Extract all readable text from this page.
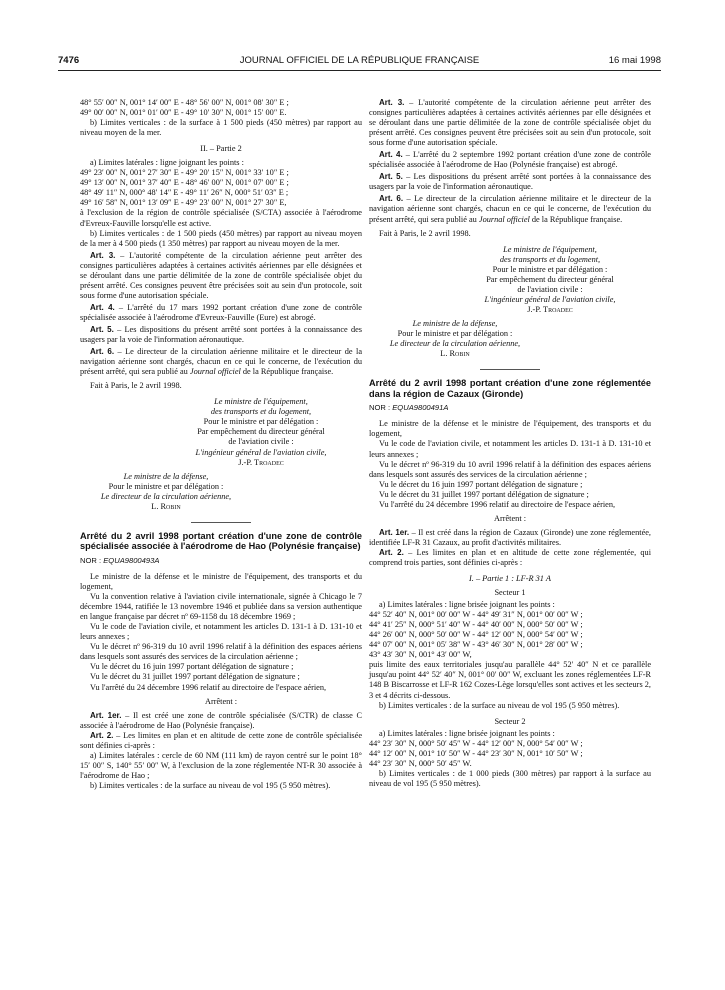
7476	JOURNAL OFFICIEL DE LA RÉPUBLIQUE FRANÇAISE	16 mai 1998

48° 55′ 00″ N, 001° 14′ 00″ E - 48° 56′ 00″ N, 001° 08′ 30″ E ;

49° 00′ 00″ N, 001° 01′ 00″ E - 49° 10′ 30″ N, 001° 15′ 00″ E.

b) Limites verticales : de la surface à 1 500 pieds (450 mètres) par rapport au niveau moyen de la mer.

II. – Partie 2

a) Limites latérales : ligne joignant les points :

49° 23′ 00″ N, 001° 27′ 30″ E - 49° 20′ 15″ N, 001° 33′ 10″ E ;

49° 13′ 00″ N, 001° 37′ 40″ E - 48° 46′ 00″ N, 001° 07′ 00″ E ;

48° 49′ 11″ N, 000° 48′ 14″ E - 49° 11′ 26″ N, 000° 51′ 03″ E ;

49° 16′ 58″ N, 001° 13′ 09″ E - 49° 23′ 00″ N, 001° 27′ 30″ E,

à l'exclusion de la région de contrôle spécialisée (S/CTA) associée à l'aérodrome d'Evreux-Fauville lorsqu'elle est active.

b) Limites verticales : de 1 500 pieds (450 mètres) par rapport au niveau moyen de la mer à 4 500 pieds (1 350 mètres) par rapport au niveau moyen de la mer.

Art. 3. – L'autorité compétente de la circulation aérienne peut arrêter des consignes particulières adaptées à certaines activités aériennes par elle désignées et se déroulant dans une partie délimitée de la zone de contrôle spécialisée objet du présent arrêté. Ces consignes peuvent être précisées soit au sein d'un protocole, soit sous forme d'une autorisation spéciale.

Art. 4. – L'arrêté du 17 mars 1992 portant création d'une zone de contrôle spécialisée associée à l'aérodrome d'Evreux-Fauville (Eure) est abrogé.

Art. 5. – Les dispositions du présent arrêté sont portées à la connaissance des usagers par la voie de l'information aéronautique.

Art. 6. – Le directeur de la circulation aérienne militaire et le directeur de la navigation aérienne sont chargés, chacun en ce qui le concerne, de l'exécution du présent arrêté, qui sera publié au Journal officiel de la République française.

Fait à Paris, le 2 avril 1998.

Le ministre de l'équipement,

des transports et du logement,

Pour le ministre et par délégation :

Par empêchement du directeur général

de l'aviation civile :

L'ingénieur général de l'aviation civile,

J.-P. Troadec

Le ministre de la défense,

Pour le ministre et par délégation :

Le directeur de la circulation aérienne,

L. Robin

Arrêté du 2 avril 1998 portant création d'une zone de contrôle spécialisée associée à l'aérodrome de Hao (Polynésie française)

NOR : EQUA9800493A

Le ministre de la défense et le ministre de l'équipement, des transports et du logement,

Vu la convention relative à l'aviation civile internationale, signée à Chicago le 7 décembre 1944, ratifiée le 13 novembre 1946 et publiée dans sa version authentique en langue française par décret nº 69-1158 du 18 décembre 1969 ;

Vu le code de l'aviation civile, et notamment les articles D. 131-1 à D. 131-10 et leurs annexes ;

Vu le décret nº 96-319 du 10 avril 1996 relatif à la définition des espaces aériens dans lesquels sont assurés des services de la circulation aérienne ;

Vu le décret du 16 juin 1997 portant délégation de signature ;

Vu le décret du 31 juillet 1997 portant délégation de signature ;

Vu l'arrêté du 24 décembre 1996 relatif au directoire de l'espace aérien,

Arrêtent :

Art. 1er. – Il est créé une zone de contrôle spécialisée (S/CTR) de classe C associée à l'aérodrome de Hao (Polynésie française).

Art. 2. – Les limites en plan et en altitude de cette zone de contrôle spécialisée sont définies ci-après :

a) Limites latérales : cercle de 60 NM (111 km) de rayon centré sur le point 18° 15′ 00″ S, 140° 55′ 00″ W, à l'exclusion de la zone réglementée NT-R 30 associée à l'aérodrome de Hao ;

b) Limites verticales : de la surface au niveau de vol 195 (5 950 mètres).

Art. 3. – L'autorité compétente de la circulation aérienne peut arrêter des consignes particulières adaptées à certaines activités aériennes par elle désignées et se déroulant dans une partie délimitée de la zone de contrôle spécialisée objet du présent arrêté. Ces consignes peuvent être précisées soit au sein d'un protocole, soit sous forme d'une autorisation spéciale.

Art. 4. – L'arrêté du 2 septembre 1992 portant création d'une zone de contrôle spécialisée associée à l'aérodrome de Hao (Polynésie française) est abrogé.

Art. 5. – Les dispositions du présent arrêté sont portées à la connaissance des usagers par la voie de l'information aéronautique.

Art. 6. – Le directeur de la circulation aérienne militaire et le directeur de la navigation aérienne sont chargés, chacun en ce qui le concerne, de l'exécution du présent arrêté, qui sera publié au Journal officiel de la République française.

Fait à Paris, le 2 avril 1998.

Le ministre de l'équipement,

des transports et du logement,

Pour le ministre et par délégation :

Par empêchement du directeur général

de l'aviation civile :

L'ingénieur général de l'aviation civile,

J.-P. Troadec

Le ministre de la défense,

Pour le ministre et par délégation :

Le directeur de la circulation aérienne,

L. Robin

Arrêté du 2 avril 1998 portant création d'une zone réglementée dans la région de Cazaux (Gironde)

NOR : EQUA9800491A

Le ministre de la défense et le ministre de l'équipement, des transports et du logement,

Vu le code de l'aviation civile, et notamment les articles D. 131-1 à D. 131-10 et leurs annexes ;

Vu le décret nº 96-319 du 10 avril 1996 relatif à la définition des espaces aériens dans lesquels sont assurés des services de la circulation aérienne ;

Vu le décret du 16 juin 1997 portant délégation de signature ;

Vu le décret du 31 juillet 1997 portant délégation de signature ;

Vu l'arrêté du 24 décembre 1996 relatif au directoire de l'espace aérien,

Arrêtent :

Art. 1er. – Il est créé dans la région de Cazaux (Gironde) une zone réglementée, identifiée LF-R 31 Cazaux, au profit d'activités militaires.

Art. 2. – Les limites en plan et en altitude de cette zone réglementée, qui comprend trois parties, sont définies ci-après :

I. – Partie 1 : LF-R 31 A

Secteur 1

a) Limites latérales : ligne brisée joignant les points :

44° 52′ 40″ N, 001° 00′ 00″ W - 44° 49′ 31″ N, 001° 00′ 00″ W ;

44° 41′ 25″ N, 000° 51′ 40″ W - 44° 40′ 00″ N, 000° 50′ 00″ W ;

44° 26′ 00″ N, 000° 50′ 00″ W - 44° 12′ 00″ N, 000° 54′ 00″ W ;

44° 07′ 00″ N, 001° 05′ 38″ W - 43° 46′ 30″ N, 001° 28′ 00″ W ;

43° 43′ 30″ N, 001° 43′ 00″ W,

puis limite des eaux territoriales jusqu'au parallèle 44° 52′ 40″ N et ce parallèle jusqu'au point 44° 52′ 40″ N, 001° 00′ 00″ W, excluant les zones réglementées LF-R 148 B Biscarrosse et LF-R 162 Cozes-Lège lorsqu'elles sont actives et les secteurs 2, 3 et 4 décrits ci-dessous.

b) Limites verticales : de la surface au niveau de vol 195 (5 950 mètres).

Secteur 2

a) Limites latérales : ligne brisée joignant les points :

44° 23′ 30″ N, 000° 50′ 45″ W - 44° 12′ 00″ N, 000° 54′ 00″ W ;

44° 12′ 00″ N, 001° 10′ 50″ W - 44° 23′ 30″ N, 001° 10′ 50″ W ;

44° 23′ 30″ N, 000° 50′ 45″ W.

b) Limites verticales : de 1 000 pieds (300 mètres) par rapport à la surface au niveau de vol 195 (5 950 mètres).
